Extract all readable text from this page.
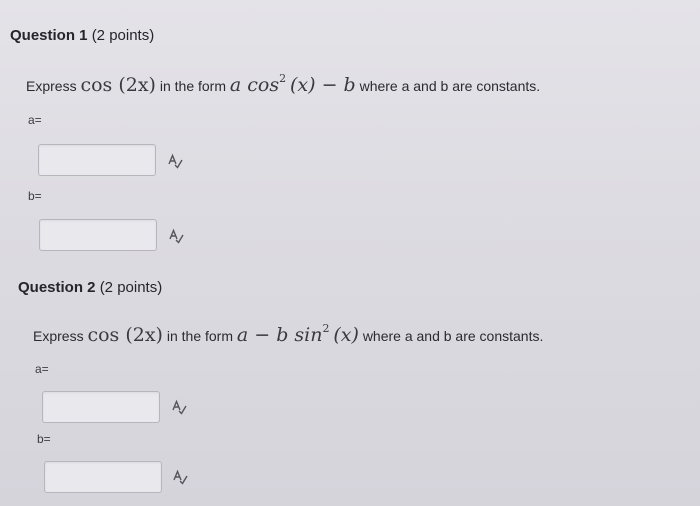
Question 1 (2 points)
Express cos (2x) in the form a $\cos^2 (x) - b$ where a and b are constants.
a=
b=
Question 2 (2 points)
Express cos (2x) in the form a − b $\sin^2 (x)$ where a and b are constants.
a=
b=
